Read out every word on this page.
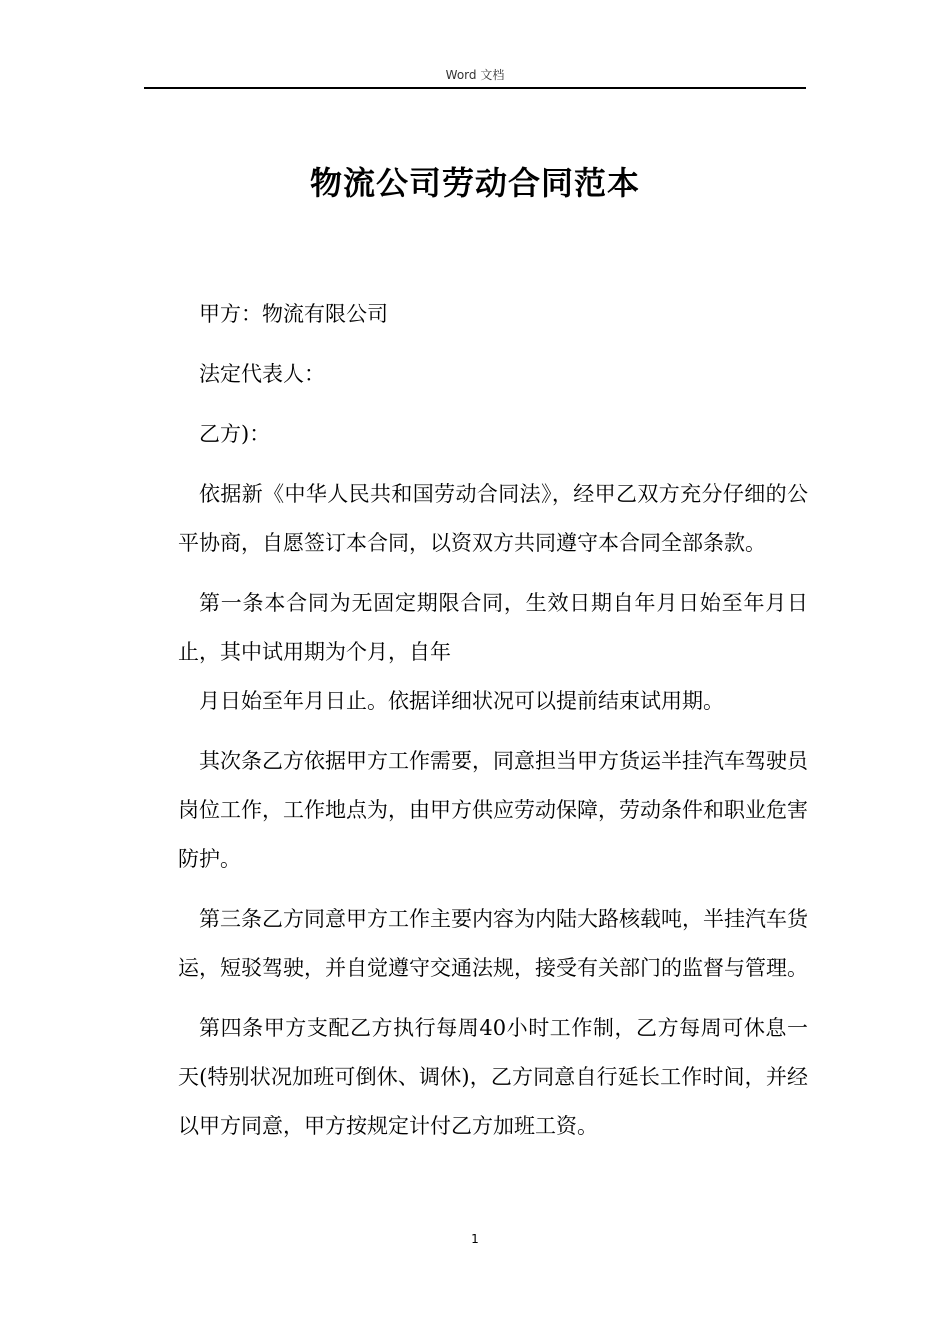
Word 文档
物流公司劳动合同范本

甲方：物流有限公司

法定代表人：

乙方)：

依据新《中华人民共和国劳动合同法》，经甲乙双方充分仔细的公平协商，自愿签订本合同，以资双方共同遵守本合同全部条款。

第一条本合同为无固定期限合同，生效日期自年月日始至年月日止，其中试用期为个月，自年

月日始至年月日止。依据详细状况可以提前结束试用期。

其次条乙方依据甲方工作需要，同意担当甲方货运半挂汽车驾驶员岗位工作，工作地点为，由甲方供应劳动保障，劳动条件和职业危害防护。

第三条乙方同意甲方工作主要内容为内陆大路核载吨，半挂汽车货运，短驳驾驶，并自觉遵守交通法规，接受有关部门的监督与管理。

第四条甲方支配乙方执行每周40小时工作制，乙方每周可休息一天(特别状况加班可倒休、调休)，乙方同意自行延长工作时间，并经以甲方同意，甲方按规定计付乙方加班工资。

1
